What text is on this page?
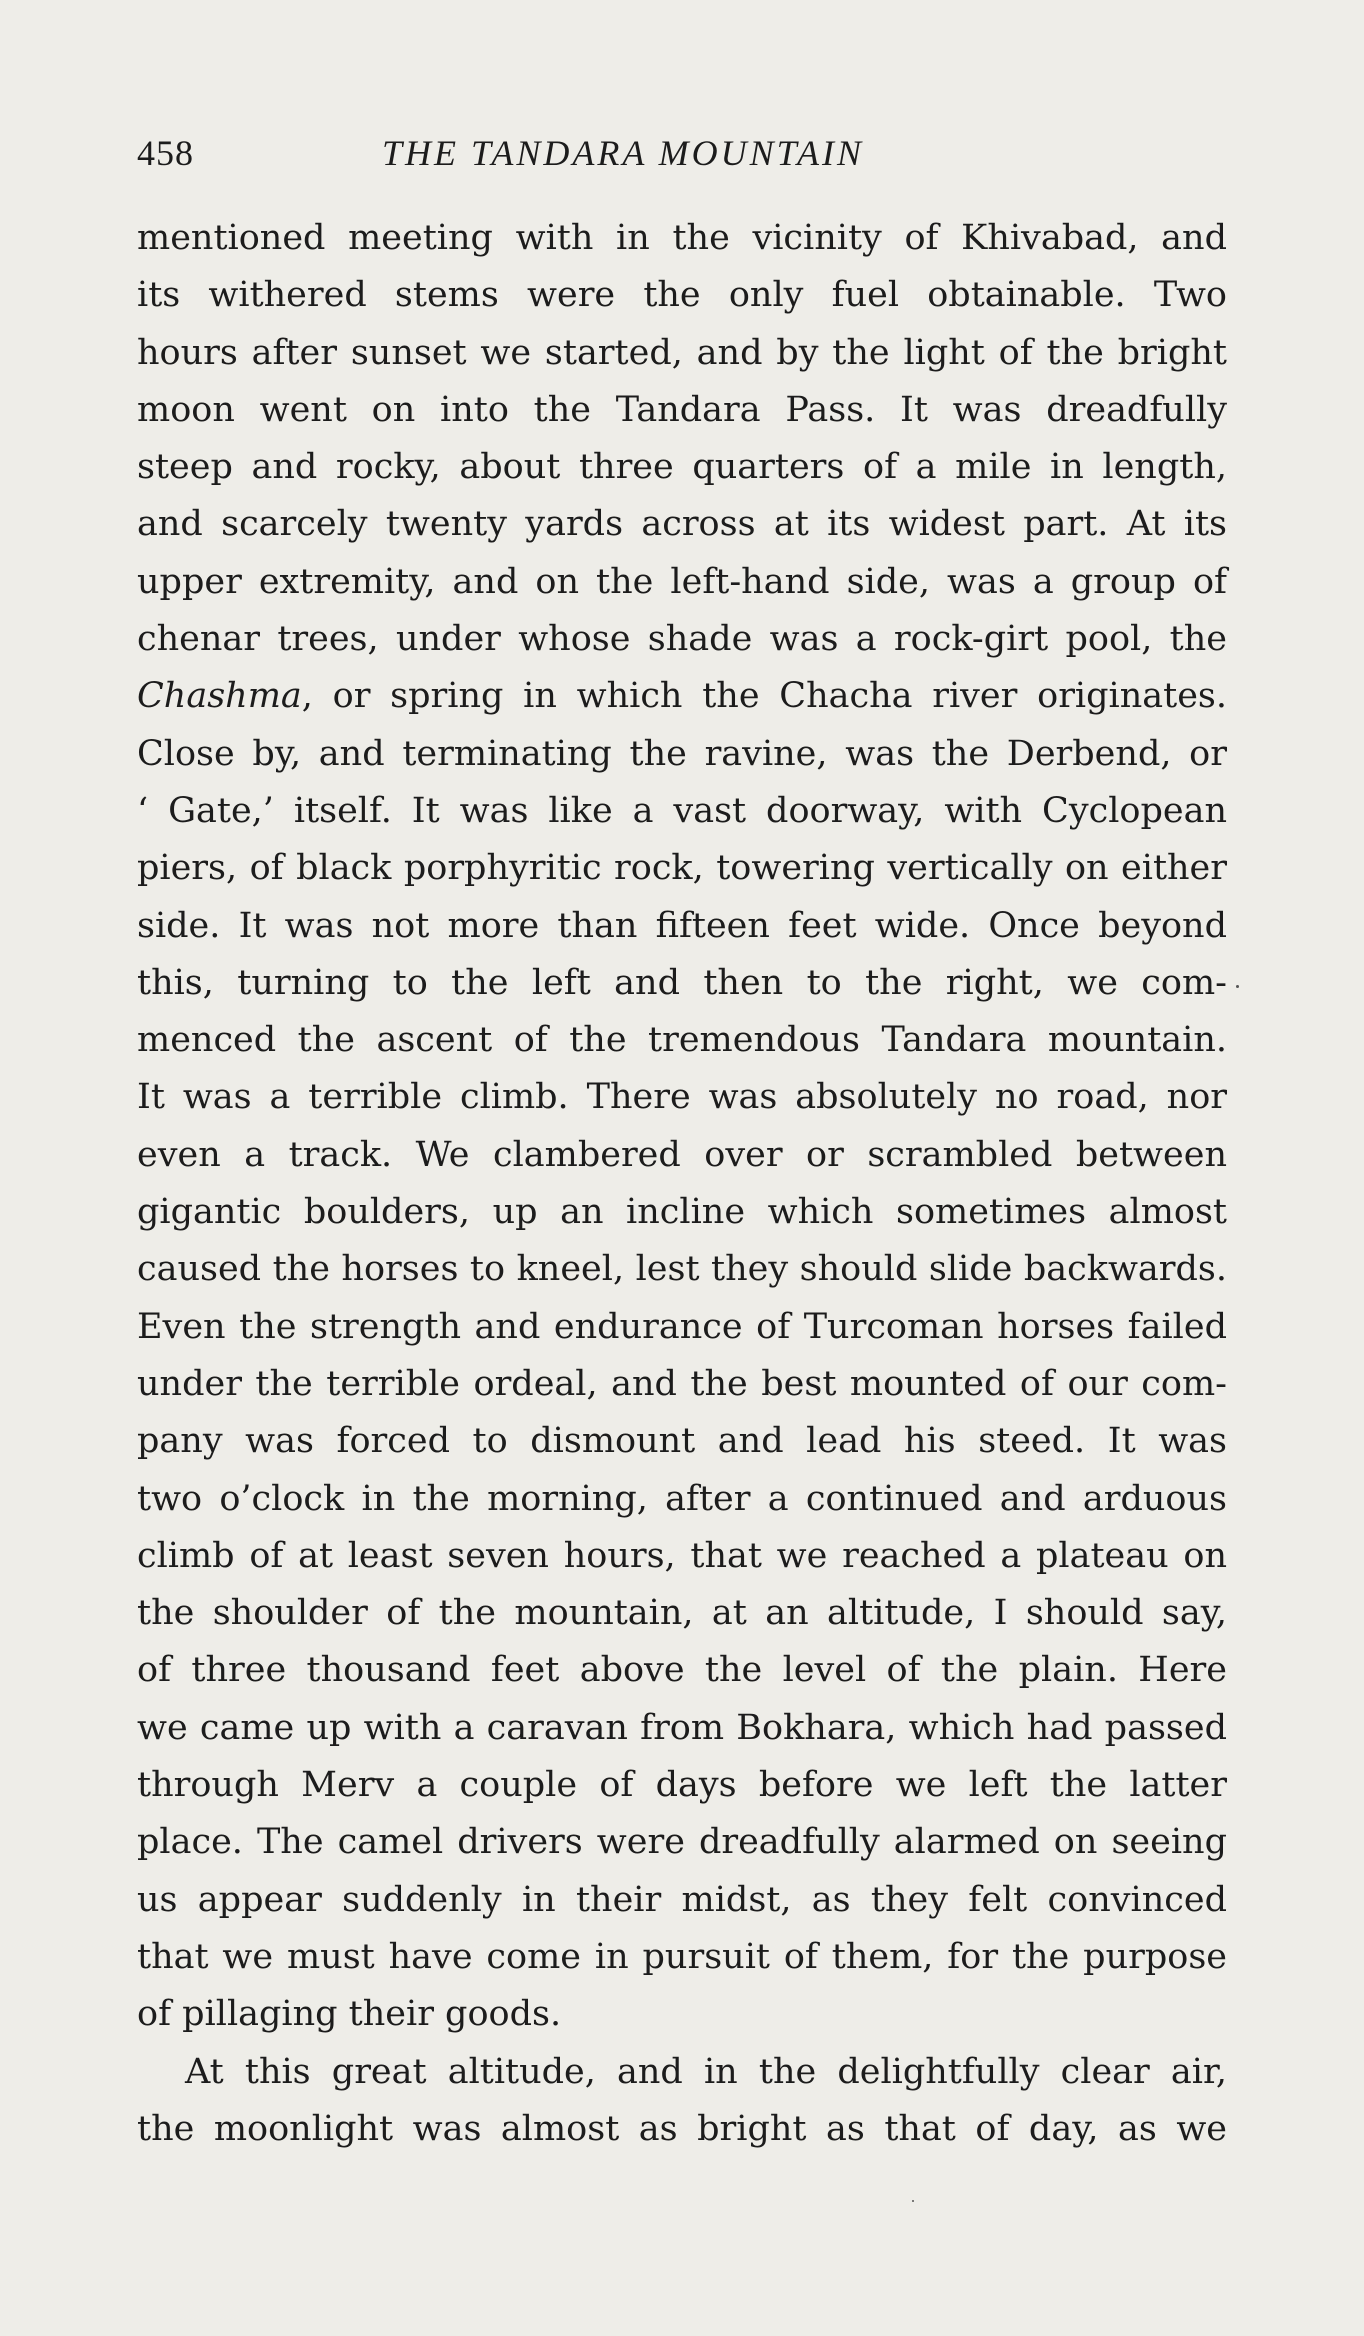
458	THE TANDARA MOUNTAIN
mentioned meeting with in the vicinity of Khivabad, and
its withered stems were the only fuel obtainable. Two
hours after sunset we started, and by the light of the bright
moon went on into the Tandara Pass. It was dreadfully
steep and rocky, about three quarters of a mile in length,
and scarcely twenty yards across at its widest part. At its
upper extremity, and on the left-hand side, was a group of
chenar trees, under whose shade was a rock-girt pool, the
Chashma, or spring in which the Chacha river originates.
Close by, and terminating the ravine, was the Derbend, or
‘ Gate,’ itself. It was like a vast doorway, with Cyclopean
piers, of black porphyritic rock, towering vertically on either
side. It was not more than fifteen feet wide. Once beyond
this, turning to the left and then to the right, we com-
menced the ascent of the tremendous Tandara mountain.
It was a terrible climb. There was absolutely no road, nor
even a track. We clambered over or scrambled between
gigantic boulders, up an incline which sometimes almost
caused the horses to kneel, lest they should slide backwards.
Even the strength and endurance of Turcoman horses failed
under the terrible ordeal, and the best mounted of our com-
pany was forced to dismount and lead his steed. It was
two o’clock in the morning, after a continued and arduous
climb of at least seven hours, that we reached a plateau on
the shoulder of the mountain, at an altitude, I should say,
of three thousand feet above the level of the plain. Here
we came up with a caravan from Bokhara, which had passed
through Merv a couple of days before we left the latter
place. The camel drivers were dreadfully alarmed on seeing
us appear suddenly in their midst, as they felt convinced
that we must have come in pursuit of them, for the purpose
of pillaging their goods.
At this great altitude, and in the delightfully clear air,
the moonlight was almost as bright as that of day, as we
